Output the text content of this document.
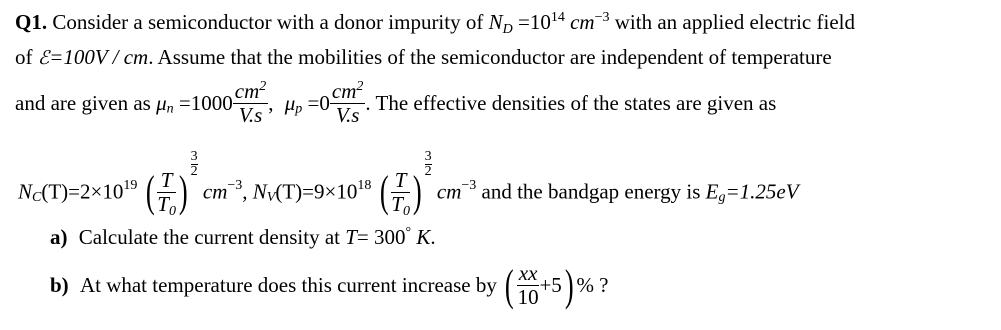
Q1. Consider a semiconductor with a donor impurity of $N_D =10^{14}$ $cm^{-3}$ with an applied electric field
of ℰ=100V / cm. Assume that the mobilities of the semiconductor are independent of temperature
and are given as $\mu_n =1000 \frac{cm^2}{V.s}$ , $\mu_p =0 \frac{cm^2}{V.s}$ . The effective densities of the states are given as
$N_C(T)=2\times 10^{19}$ ( $\frac{T}{T_0}$ )
$\frac{3}{2}$
$cm^{-3}$, $N_V(T)=9\times 10^{18}$ ( $\frac{T}{T_0}$ )
$\frac{3}{2}$
$cm^{-3}$ and the bandgap energy is $E_g=1.25eV$
a) Calculate the current density at T= 300° K.
b) At what temperature does this current increase by ( $\frac{xx}{10} +5$) % ?
